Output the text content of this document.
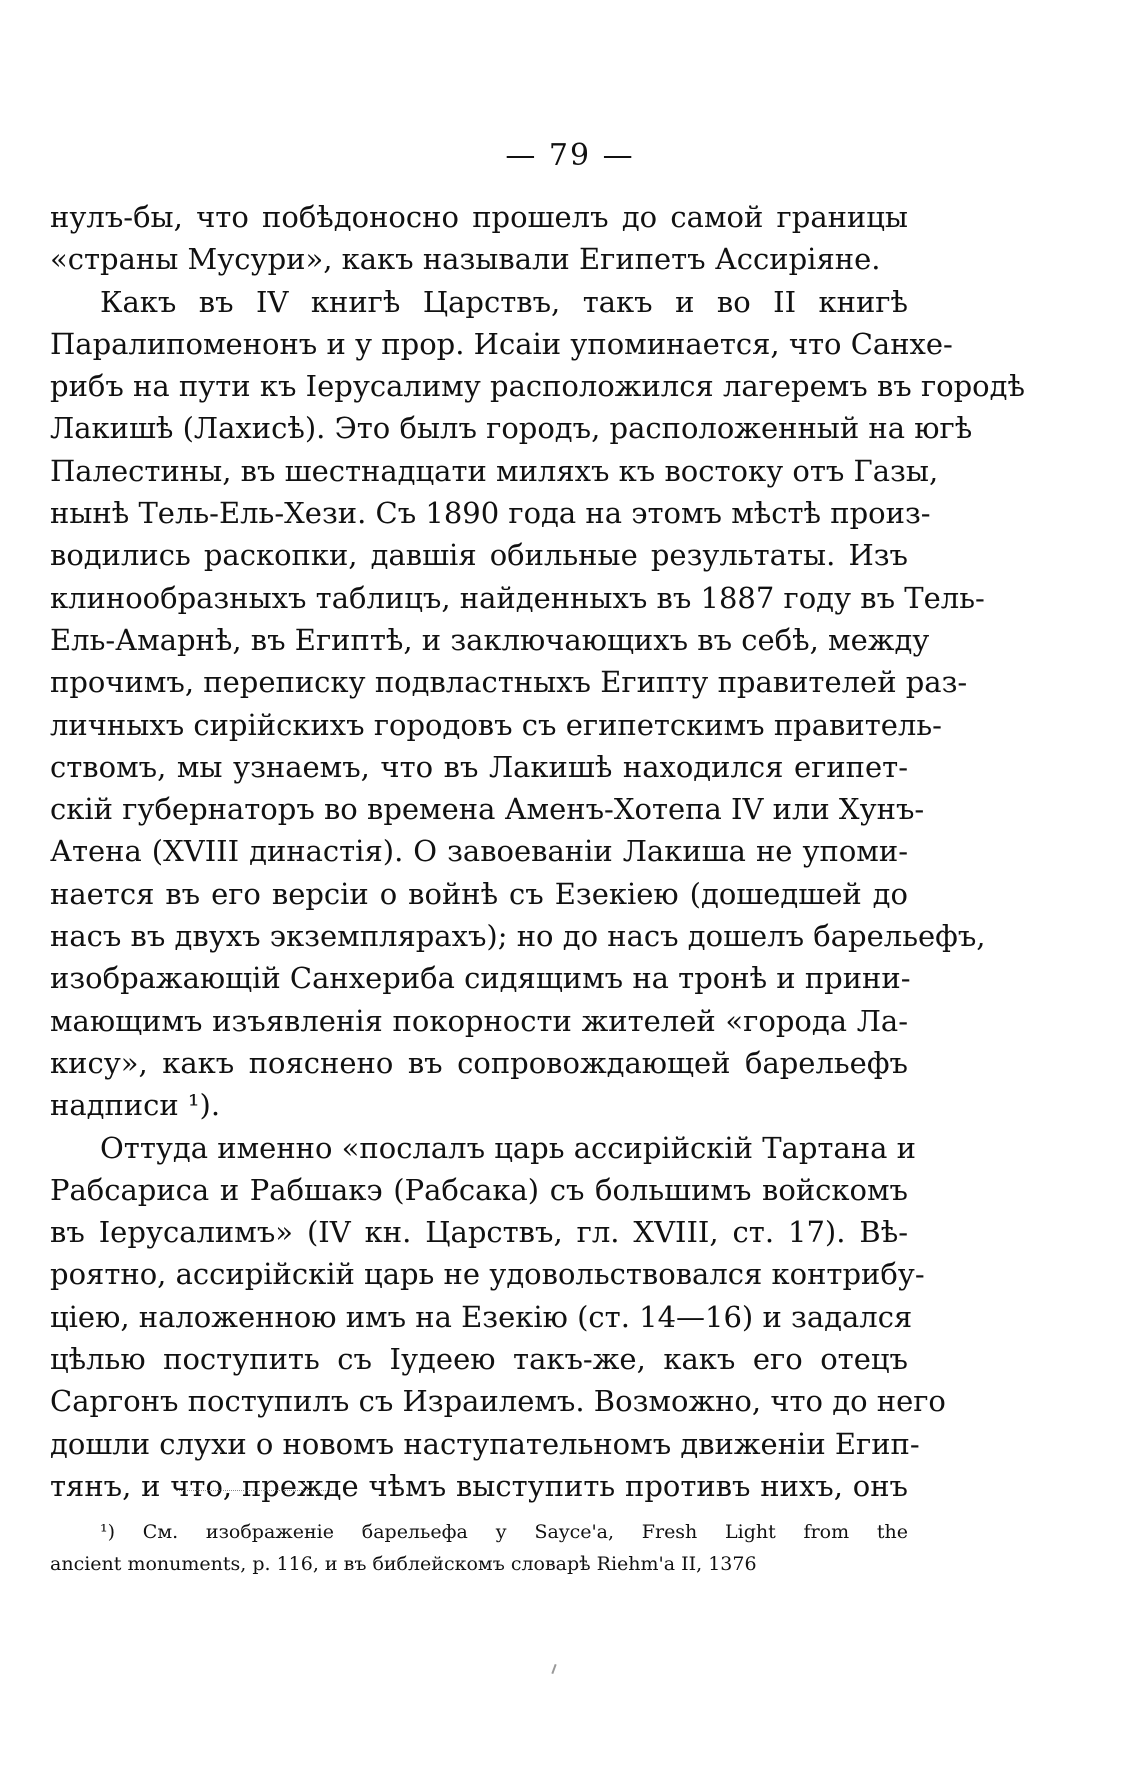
— 79 —
нулъ-бы, что побѣдоносно прошелъ до самой границы
«страны Мусури», какъ называли Египетъ Ассиріяне.
Какъ въ IV книгѣ Царствъ, такъ и во II книгѣ
Паралипоменонъ и у прор. Исаіи упоминается, что Санхе-
рибъ на пути къ Іерусалиму расположился лагеремъ въ городѣ
Лакишѣ (Лахисѣ). Это былъ городъ, расположенный на югѣ
Палестины, въ шестнадцати миляхъ къ востоку отъ Газы,
нынѣ Тель-Ель-Хези. Съ 1890 года на этомъ мѣстѣ произ-
водились раскопки, давшія обильные результаты. Изъ
клинообразныхъ таблицъ, найденныхъ въ 1887 году въ Тель-
Ель-Амарнѣ, въ Египтѣ, и заключающихъ въ себѣ, между
прочимъ, переписку подвластныхъ Египту правителей раз-
личныхъ сирійскихъ городовъ съ египетскимъ правитель-
ствомъ, мы узнаемъ, что въ Лакишѣ находился египет-
скій губернаторъ во времена Аменъ-Хотепа IV или Хунъ-
Атена (XVIII династія). О завоеваніи Лакиша не упоми-
нается въ его версіи о войнѣ съ Езекіею (дошедшей до
насъ въ двухъ экземплярахъ); но до насъ дошелъ барельефъ,
изображающій Санхериба сидящимъ на тронѣ и прини-
мающимъ изъявленія покорности жителей «города Ла-
кису», какъ пояснено въ сопровождающей барельефъ
надписи ¹).
Оттуда именно «послалъ царь ассирійскій Тартана и
Рабсариса и Рабшакэ (Рабсака) съ большимъ войскомъ
въ Іерусалимъ» (IV кн. Царствъ, гл. XVIII, ст. 17). Вѣ-
роятно, ассирійскій царь не удовольствовался контрибу-
ціею, наложенною имъ на Езекію (ст. 14—16) и задался
цѣлью поступить съ Іудеею такъ-же, какъ его отецъ
Саргонъ поступилъ съ Израилемъ. Возможно, что до него
дошли слухи о новомъ наступательномъ движеніи Егип-
тянъ, и что, прежде чѣмъ выступить противъ нихъ, онъ
¹) См. изображеніе барельефа у Sayce'a, Fresh Light from the
ancient monuments, p. 116, и въ библейскомъ словарѣ Riehm'a II, 1376
